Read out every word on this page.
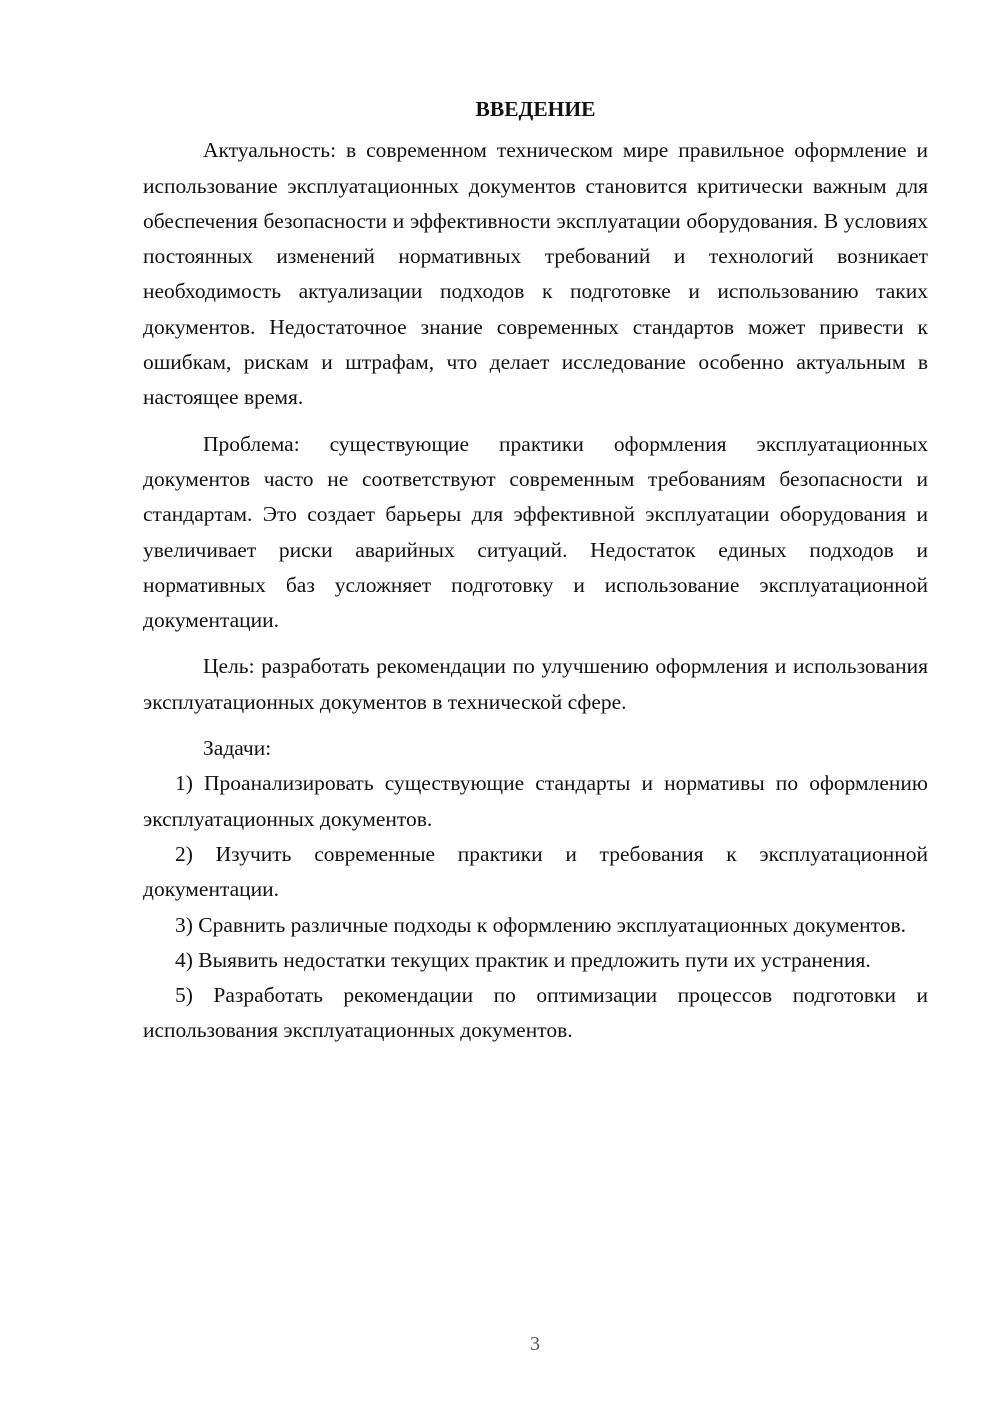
ВВЕДЕНИЕ

Актуальность: в современном техническом мире правильное оформление и использование эксплуатационных документов становится критически важным для обеспечения безопасности и эффективности эксплуатации оборудования. В условиях постоянных изменений нормативных требований и технологий возникает необходимость актуализации подходов к подготовке и использованию таких документов. Недостаточное знание современных стандартов может привести к ошибкам, рискам и штрафам, что делает исследование особенно актуальным в настоящее время.

Проблема: существующие практики оформления эксплуатационных документов часто не соответствуют современным требованиям безопасности и стандартам. Это создает барьеры для эффективной эксплуатации оборудования и увеличивает риски аварийных ситуаций. Недостаток единых подходов и нормативных баз усложняет подготовку и использование эксплуатационной документации.

Цель: разработать рекомендации по улучшению оформления и использования эксплуатационных документов в технической сфере.

Задачи:

1) Проанализировать существующие стандарты и нормативы по оформлению эксплуатационных документов.

2) Изучить современные практики и требования к эксплуатационной документации.

3) Сравнить различные подходы к оформлению эксплуатационных документов.

4) Выявить недостатки текущих практик и предложить пути их устранения.

5) Разработать рекомендации по оптимизации процессов подготовки и использования эксплуатационных документов.

3
